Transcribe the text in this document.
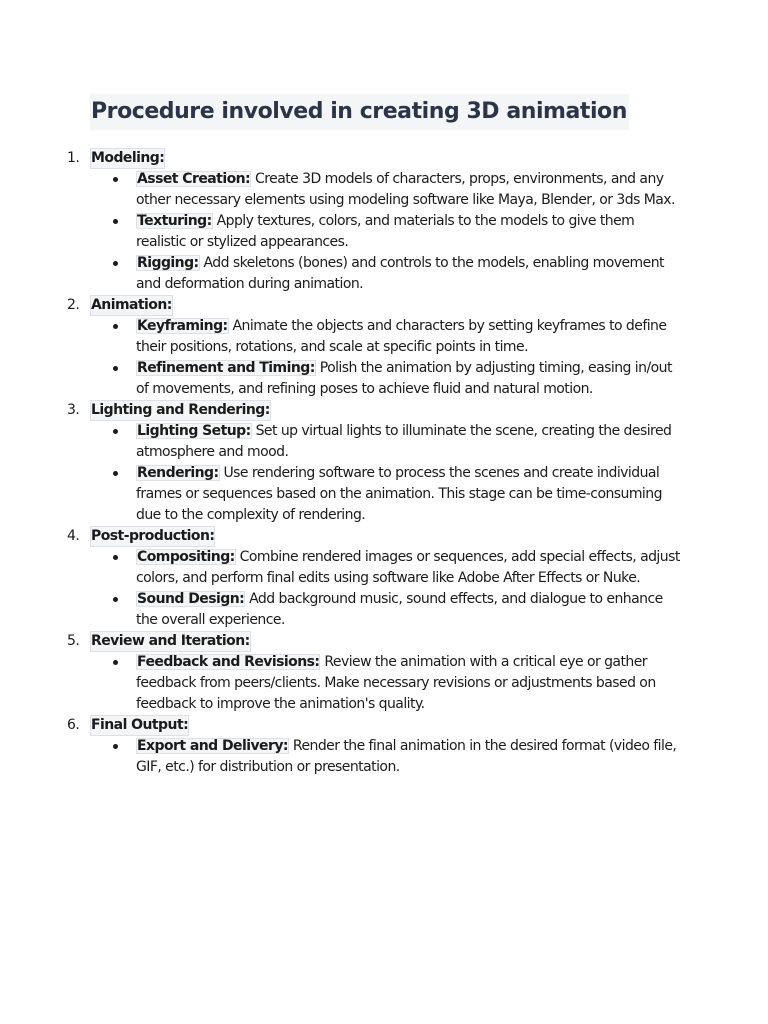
Procedure involved in creating 3D animation
1. Modeling:
Asset Creation: Create 3D models of characters, props, environments, and any other necessary elements using modeling software like Maya, Blender, or 3ds Max.
Texturing: Apply textures, colors, and materials to the models to give them realistic or stylized appearances.
Rigging: Add skeletons (bones) and controls to the models, enabling movement and deformation during animation.
2. Animation:
Keyframing: Animate the objects and characters by setting keyframes to define their positions, rotations, and scale at specific points in time.
Refinement and Timing: Polish the animation by adjusting timing, easing in/out of movements, and refining poses to achieve fluid and natural motion.
3. Lighting and Rendering:
Lighting Setup: Set up virtual lights to illuminate the scene, creating the desired atmosphere and mood.
Rendering: Use rendering software to process the scenes and create individual frames or sequences based on the animation. This stage can be time-consuming due to the complexity of rendering.
4. Post-production:
Compositing: Combine rendered images or sequences, add special effects, adjust colors, and perform final edits using software like Adobe After Effects or Nuke.
Sound Design: Add background music, sound effects, and dialogue to enhance the overall experience.
5. Review and Iteration:
Feedback and Revisions: Review the animation with a critical eye or gather feedback from peers/clients. Make necessary revisions or adjustments based on feedback to improve the animation's quality.
6. Final Output:
Export and Delivery: Render the final animation in the desired format (video file, GIF, etc.) for distribution or presentation.
